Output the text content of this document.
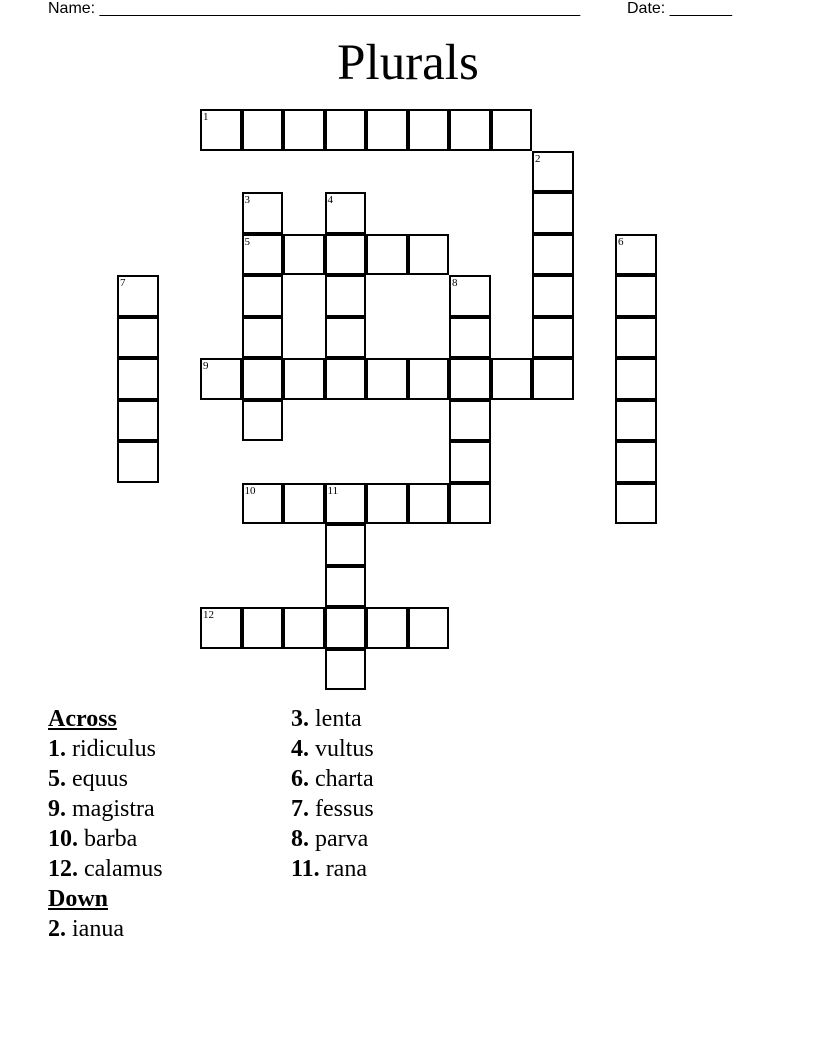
Name: ______________________________________________________	Date: _______
Plurals
1
2
3	4
5	6
7	8
9
10	11
12
Across
1. ridiculus
5. equus
9. magistra
10. barba
12. calamus
Down
2. ianua
3. lenta
4. vultus
6. charta
7. fessus
8. parva
11. rana
